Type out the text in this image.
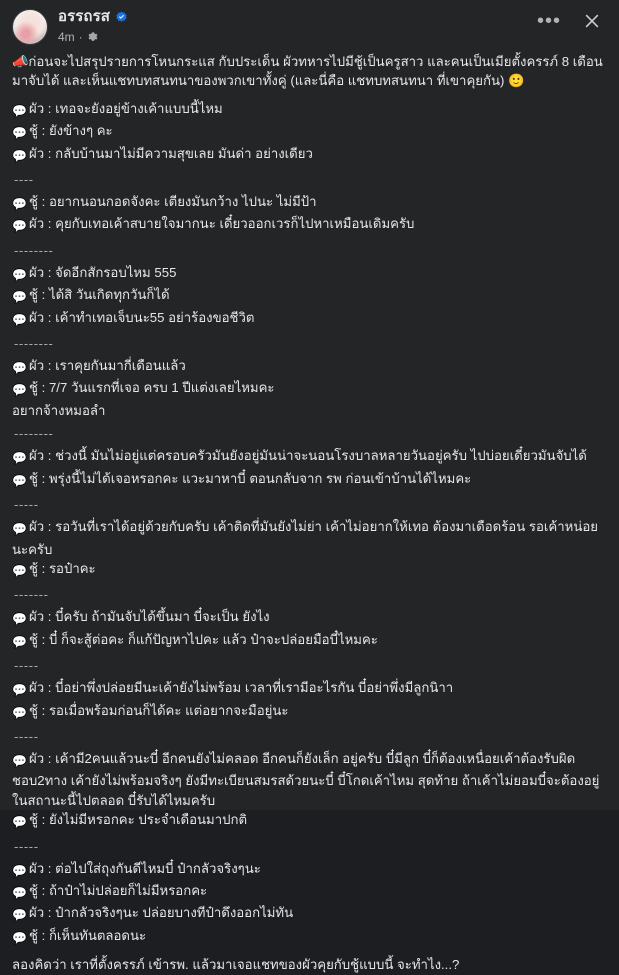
อรรถรส
4m ·
•••
📣ก่อนจะไปสรุปรายการโหนกระแส กับประเด็น ผัวทหารไปมีชู้เป็นครูสาว และคนเป็นเมียตั้งครรภ์ 8 เดือนมาจับได้ และเห็นแชทบทสนทนาของพวกเขาทั้งคู่ (และนี่คือ แชทบทสนทนา ที่เขาคุยกัน) 🙂
💬 ผัว : เทอจะยังอยู่ข้างเค้าแบบนี้ไหม
💬 ชู้ : ยังข้างๆ คะ
💬 ผัว : กลับบ้านมาไม่มีความสุขเลย มันด่า อย่างเดียว
----
💬 ชู้ : อยากนอนกอดจังคะ เตียงมันกว้าง ไปนะ ไม่มีป้า
💬 ผัว : คุยกับเทอเค้าสบายใจมากนะ เดี๋ยวออกเวรก็ไปหาเหมือนเดิมครับ
--------
💬 ผัว : จัดอีกสักรอบไหม 555
💬 ชู้ : ได้สิ วันเกิดทุกวันก็ได้
💬 ผัว : เค้าทำเทอเจ็บนะ55 อย่าร้องขอชีวิต
--------
💬 ผัว : เราคุยกันมากี่เดือนแล้ว
💬 ชู้ : 7/7 วันแรกที่เจอ ครบ 1 ปีแต่งเลยไหมคะ
อยากจ้างหมอลำ
--------
💬 ผัว : ช่วงนี้ มันไม่อยู่แต่ครอบครัวมันยังอยู่มันน่าจะนอนโรงบาลหลายวันอยู่ครับ ไปบ่อยเดี๋ยวมันจับได้
💬 ชู้ : พรุ่งนี้ไม่ได้เจอหรอกคะ แวะมาหาบี๋ ตอนกลับจาก รพ ก่อนเข้าบ้านได้ไหมคะ
-----
💬 ผัว : รอวันที่เราได้อยู่ด้วยกับครับ เค้าติดที่มันยังไม่ย่า เค้าไม่อยากให้เทอ ต้องมาเดือดร้อน รอเค้าหน่อยนะครับ
💬 ชู้ : รอป๋าคะ
-------
💬 ผัว : บี๋ครับ ถ้ามันจับได้ขึ้นมา บี๋จะเป็น ยังไง
💬 ชู้ : บี๋ ก็จะสู้ต่อคะ ก็แก้ปัญหาไปคะ แล้ว ป๋าจะปล่อยมือบี๋ไหมคะ
-----
💬 ผัว : บี๋อย่าพึ่งปล่อยมีนะเค้ายังไม่พร้อม เวลาที่เรามีอะไรกัน บี๋อย่าพึ่งมีลูกนิาา
💬 ชู้ : รอเมื่อพร้อมก่อนก็ได้คะ แต่อยากจะมือยู่นะ
-----
💬 ผัว : เค้ามี2คนแล้วนะบี๋ อีกคนยังไม่คลอด อีกคนก็ยังเล็ก อยู่ครับ บี๋มีลูก บี๋ก็ต้องเหนื่อยเค้าต้องรับผิดชอบ2ทาง เค้ายังไม่พร้อมจริงๆ ยังมีทะเบียนสมรสด้วยนะบี๋ บี๋โกดเค้าไหม สุดท้าย ถ้าเค้าไม่ยอมบี๋จะต้องอยู่ในสถานะนี้ไปตลอด บี๋รับได้ไหมครับ
💬 ชู้ : ยังไม่มีหรอกคะ ประจำเดือนมาปกติ
-----
💬 ผัว : ต่อไปใส่ถุงกันดีไหมบี๋ ป๋ากลัวจริงๆนะ
💬 ชู้ : ถ้าป๋าไม่ปล่อยก็ไม่มีหรอกคะ
💬 ผัว : ป๋ากลัวจริงๆนะ ปล่อยบางทีป๋าดึงออกไม่ทัน
💬 ชู้ : ก็เห็นทันตลอดนะ
ลองคิดว่า เราที่ตั้งครรภ์ เข้ารพ. แล้วมาเจอแชทของผัวคุยกับชู้แบบนี้ จะทำไง...?
